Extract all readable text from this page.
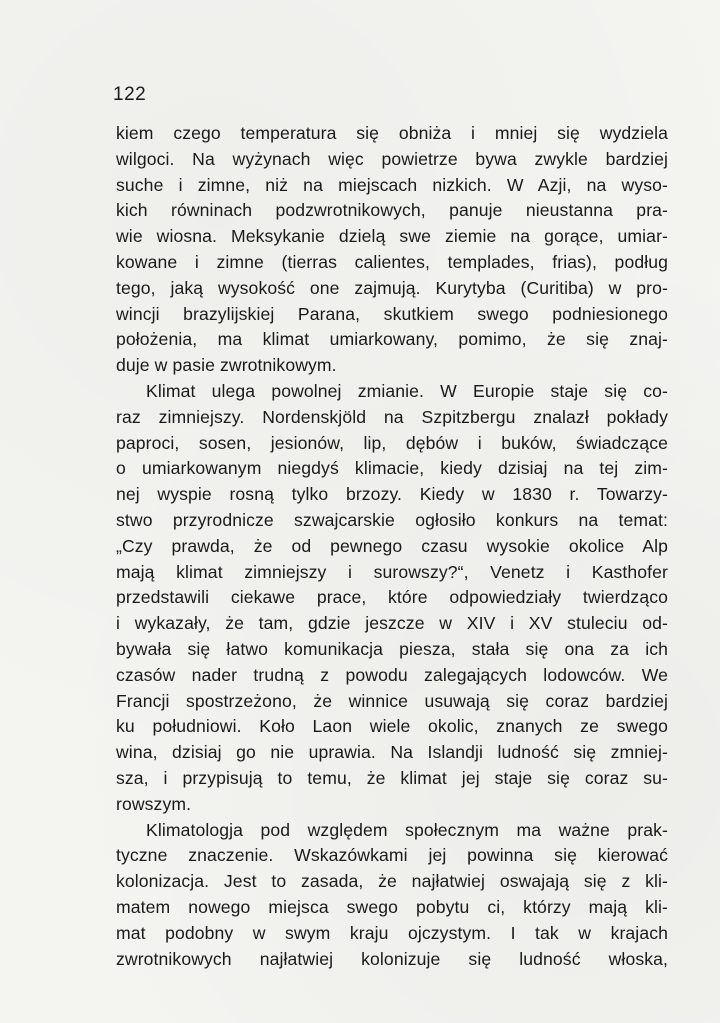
122
kiem czego temperatura się obniża i mniej się wydziela
wilgoci. Na wyżynach więc powietrze bywa zwykle bardziej
suche i zimne, niż na miejscach nizkich. W Azji, na wyso-
kich równinach podzwrotnikowych, panuje nieustanna pra-
wie wiosna. Meksykanie dzielą swe ziemie na gorące, umiar-
kowane i zimne (tierras calientes, templades, frias), podług
tego, jaką wysokość one zajmują. Kurytyba (Curitiba) w pro-
wincji brazylijskiej Parana, skutkiem swego podniesionego
położenia, ma klimat umiarkowany, pomimo, że się znaj-
duje w pasie zwrotnikowym.
Klimat ulega powolnej zmianie. W Europie staje się co-
raz zimniejszy. Nordenskjöld na Szpitzbergu znalazł pokłady
paproci, sosen, jesionów, lip, dębów i buków, świadczące
o umiarkowanym niegdyś klimacie, kiedy dzisiaj na tej zim-
nej wyspie rosną tylko brzozy. Kiedy w 1830 r. Towarzy-
stwo przyrodnicze szwajcarskie ogłosiło konkurs na temat:
„Czy prawda, że od pewnego czasu wysokie okolice Alp
mają klimat zimniejszy i surowszy?“, Venetz i Kasthofer
przedstawili ciekawe prace, które odpowiedziały twierdząco
i wykazały, że tam, gdzie jeszcze w XIV i XV stuleciu od-
bywała się łatwo komunikacja piesza, stała się ona za ich
czasów nader trudną z powodu zalegających lodowców. We
Francji spostrzeżono, że winnice usuwają się coraz bardziej
ku południowi. Koło Laon wiele okolic, znanych ze swego
wina, dzisiaj go nie uprawia. Na Islandji ludność się zmniej-
sza, i przypisują to temu, że klimat jej staje się coraz su-
rowszym.
Klimatologja pod względem społecznym ma ważne prak-
tyczne znaczenie. Wskazówkami jej powinna się kierować
kolonizacja. Jest to zasada, że najłatwiej oswajają się z kli-
matem nowego miejsca swego pobytu ci, którzy mają kli-
mat podobny w swym kraju ojczystym. I tak w krajach
zwrotnikowych najłatwiej kolonizuje się ludność włoska,
